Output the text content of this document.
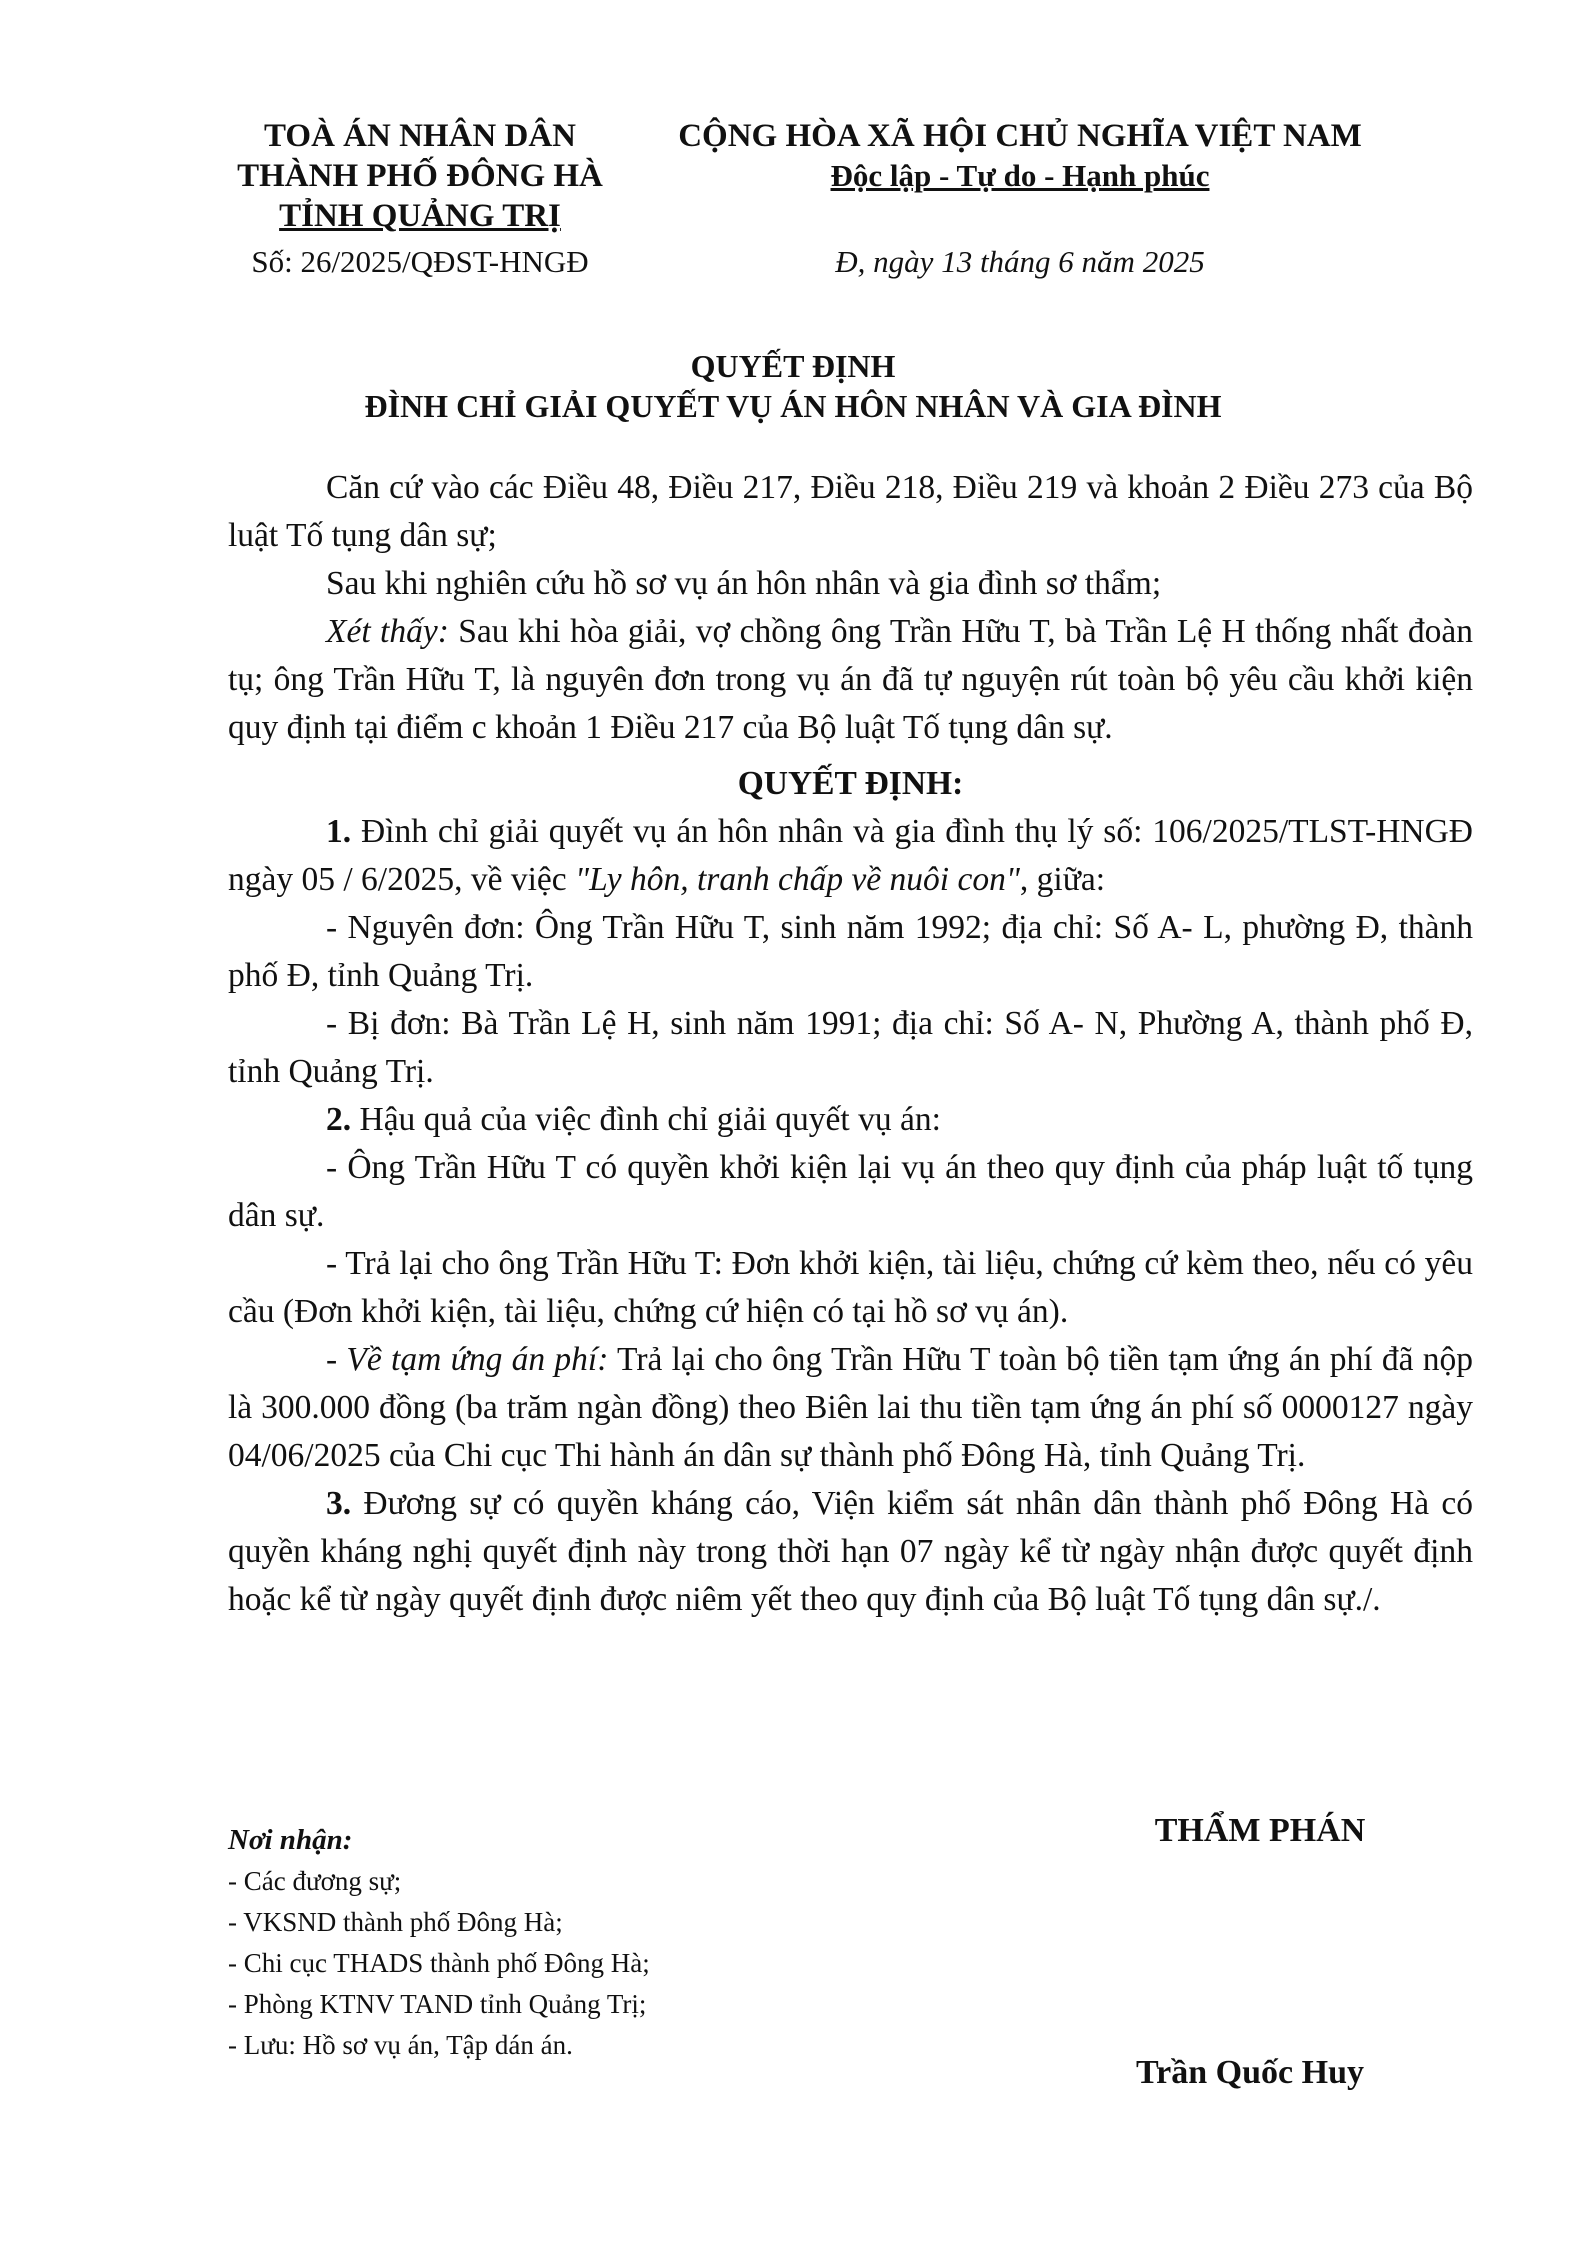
TOÀ ÁN NHÂN DÂN
THÀNH PHỐ ĐÔNG HÀ
TỈNH QUẢNG TRỊ
Số: 26/2025/QĐST-HNGĐ
CỘNG HÒA XÃ HỘI CHỦ NGHĨA VIỆT NAM
Độc lập - Tự do - Hạnh phúc
Đ, ngày 13 tháng 6 năm 2025
QUYẾT ĐỊNH
ĐÌNH CHỈ GIẢI QUYẾT VỤ ÁN HÔN NHÂN VÀ GIA ĐÌNH

Căn cứ vào các Điều 48, Điều 217, Điều 218, Điều 219 và khoản 2 Điều 273 của Bộ luật Tố tụng dân sự;

Sau khi nghiên cứu hồ sơ vụ án hôn nhân và gia đình sơ thẩm;

Xét thấy: Sau khi hòa giải, vợ chồng ông Trần Hữu T, bà Trần Lệ H thống nhất đoàn tụ; ông Trần Hữu T, là nguyên đơn trong vụ án đã tự nguyện rút toàn bộ yêu cầu khởi kiện quy định tại điểm c khoản 1 Điều 217 của Bộ luật Tố tụng dân sự.

QUYẾT ĐỊNH:

1. Đình chỉ giải quyết vụ án hôn nhân và gia đình thụ lý số: 106/2025/TLST-HNGĐ ngày 05 / 6/2025, về việc "Ly hôn, tranh chấp về nuôi con", giữa:

- Nguyên đơn: Ông Trần Hữu T, sinh năm 1992; địa chỉ: Số A- L, phường Đ, thành phố Đ, tỉnh Quảng Trị.

- Bị đơn: Bà Trần Lệ H, sinh năm 1991; địa chỉ: Số A- N, Phường A, thành phố Đ, tỉnh Quảng Trị.

2. Hậu quả của việc đình chỉ giải quyết vụ án:

- Ông Trần Hữu T có quyền khởi kiện lại vụ án theo quy định của pháp luật tố tụng dân sự.

- Trả lại cho ông Trần Hữu T: Đơn khởi kiện, tài liệu, chứng cứ kèm theo, nếu có yêu cầu (Đơn khởi kiện, tài liệu, chứng cứ hiện có tại hồ sơ vụ án).

- Về tạm ứng án phí: Trả lại cho ông Trần Hữu T toàn bộ tiền tạm ứng án phí đã nộp là 300.000 đồng (ba trăm ngàn đồng) theo Biên lai thu tiền tạm ứng án phí số 0000127 ngày 04/06/2025 của Chi cục Thi hành án dân sự thành phố Đông Hà, tỉnh Quảng Trị.

3. Đương sự có quyền kháng cáo, Viện kiểm sát nhân dân thành phố Đông Hà có quyền kháng nghị quyết định này trong thời hạn 07 ngày kể từ ngày nhận được quyết định hoặc kể từ ngày quyết định được niêm yết theo quy định của Bộ luật Tố tụng dân sự./.

Nơi nhận:
- Các đương sự;
- VKSND thành phố Đông Hà;
- Chi cục THADS thành phố Đông Hà;
- Phòng KTNV TAND tỉnh Quảng Trị;
- Lưu: Hồ sơ vụ án, Tập dán án.
THẨM PHÁN
Trần Quốc Huy
